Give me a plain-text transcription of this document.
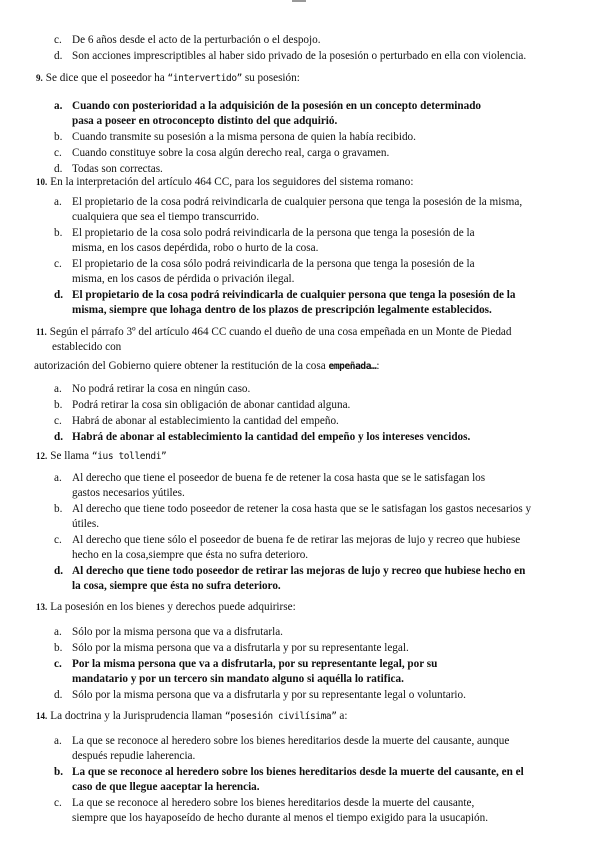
c. De 6 años desde el acto de la perturbación o el despojo.
d. Son acciones imprescriptibles al haber sido privado de la posesión o perturbado en ella con violencia.
9. Se dice que el poseedor ha “intervertido” su posesión:
a. Cuando con posterioridad a la adquisición de la posesión en un concepto determinado
pasa a poseer en otroconcepto distinto del que adquirió.
b. Cuando transmite su posesión a la misma persona de quien la había recibido.
c. Cuando constituye sobre la cosa algún derecho real, carga o gravamen.
d. Todas son correctas.
10. En la interpretación del artículo 464 CC, para los seguidores del sistema romano:
a. El propietario de la cosa podrá reivindicarla de cualquier persona que tenga la posesión de la misma,
cualquiera que sea el tiempo transcurrido.
b. El propietario de la cosa solo podrá reivindicarla de la persona que tenga la posesión de la
misma, en los casos depérdida, robo o hurto de la cosa.
c. El propietario de la cosa sólo podrá reivindicarla de la persona que tenga la posesión de la
misma, en los casos de pérdida o privación ilegal.
d. El propietario de la cosa podrá reivindicarla de cualquier persona que tenga la posesión de la
misma, siempre que lohaga dentro de los plazos de prescripción legalmente establecidos.
11. Según el párrafo 3º del artículo 464 CC cuando el dueño de una cosa empeñada en un Monte de Piedad
establecido con
autorización del Gobierno quiere obtener la restitución de la cosa empeñada…:
a. No podrá retirar la cosa en ningún caso.
b. Podrá retirar la cosa sin obligación de abonar cantidad alguna.
c. Habrá de abonar al establecimiento la cantidad del empeño.
d. Habrá de abonar al establecimiento la cantidad del empeño y los intereses vencidos.
12. Se llama “ius tollendi”
a. Al derecho que tiene el poseedor de buena fe de retener la cosa hasta que se le satisfagan los
gastos necesarios yútiles.
b. Al derecho que tiene todo poseedor de retener la cosa hasta que se le satisfagan los gastos necesarios y
útiles.
c. Al derecho que tiene sólo el poseedor de buena fe de retirar las mejoras de lujo y recreo que hubiese
hecho en la cosa,siempre que ésta no sufra deterioro.
d. Al derecho que tiene todo poseedor de retirar las mejoras de lujo y recreo que hubiese hecho en
la cosa, siempre que ésta no sufra deterioro.
13. La posesión en los bienes y derechos puede adquirirse:
a. Sólo por la misma persona que va a disfrutarla.
b. Sólo por la misma persona que va a disfrutarla y por su representante legal.
c. Por la misma persona que va a disfrutarla, por su representante legal, por su
mandatario y por un tercero sin mandato alguno si aquélla lo ratifica.
d. Sólo por la misma persona que va a disfrutarla y por su representante legal o voluntario.
14. La doctrina y la Jurisprudencia llaman “posesión civilísima” a:
a. La que se reconoce al heredero sobre los bienes hereditarios desde la muerte del causante, aunque
después repudie laherencia.
b. La que se reconoce al heredero sobre los bienes hereditarios desde la muerte del causante, en el
caso de que llegue aaceptar la herencia.
c. La que se reconoce al heredero sobre los bienes hereditarios desde la muerte del causante,
siempre que los hayaposeído de hecho durante al menos el tiempo exigido para la usucapión.
